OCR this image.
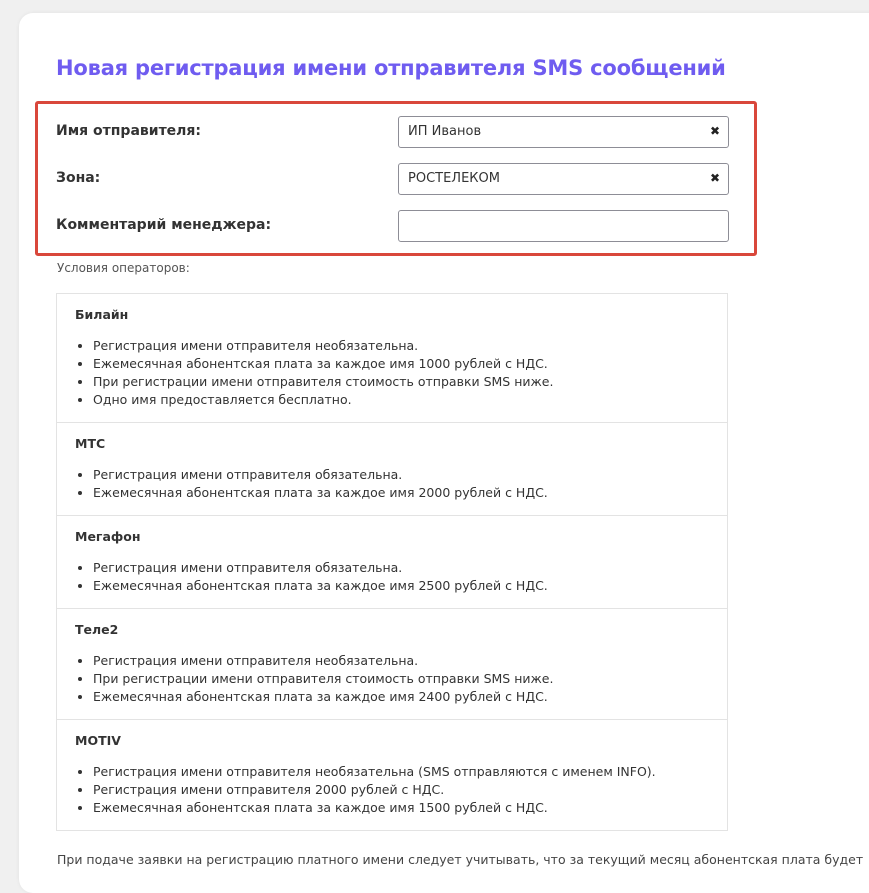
Новая регистрация имени отправителя SMS сообщений
Имя отправителя:	ИП Иванов	✖
Зона:	РОСТЕЛЕКОМ	✖
Комментарий менеджера:
Условия операторов:
Билайн
• Регистрация имени отправителя необязательна.
• Ежемесячная абонентская плата за каждое имя 1000 рублей с НДС.
• При регистрации имени отправителя стоимость отправки SMS ниже.
• Одно имя предоставляется бесплатно.
МТС
• Регистрация имени отправителя обязательна.
• Ежемесячная абонентская плата за каждое имя 2000 рублей с НДС.
Мегафон
• Регистрация имени отправителя обязательна.
• Ежемесячная абонентская плата за каждое имя 2500 рублей с НДС.
Теле2
• Регистрация имени отправителя необязательна.
• При регистрации имени отправителя стоимость отправки SMS ниже.
• Ежемесячная абонентская плата за каждое имя 2400 рублей с НДС.
MOTIV
• Регистрация имени отправителя необязательна (SMS отправляются с именем INFO).
• Регистрация имени отправителя 2000 рублей с НДС.
• Ежемесячная абонентская плата за каждое имя 1500 рублей с НДС.
При подаче заявки на регистрацию платного имени следует учитывать, что за текущий месяц абонентская плата будет
